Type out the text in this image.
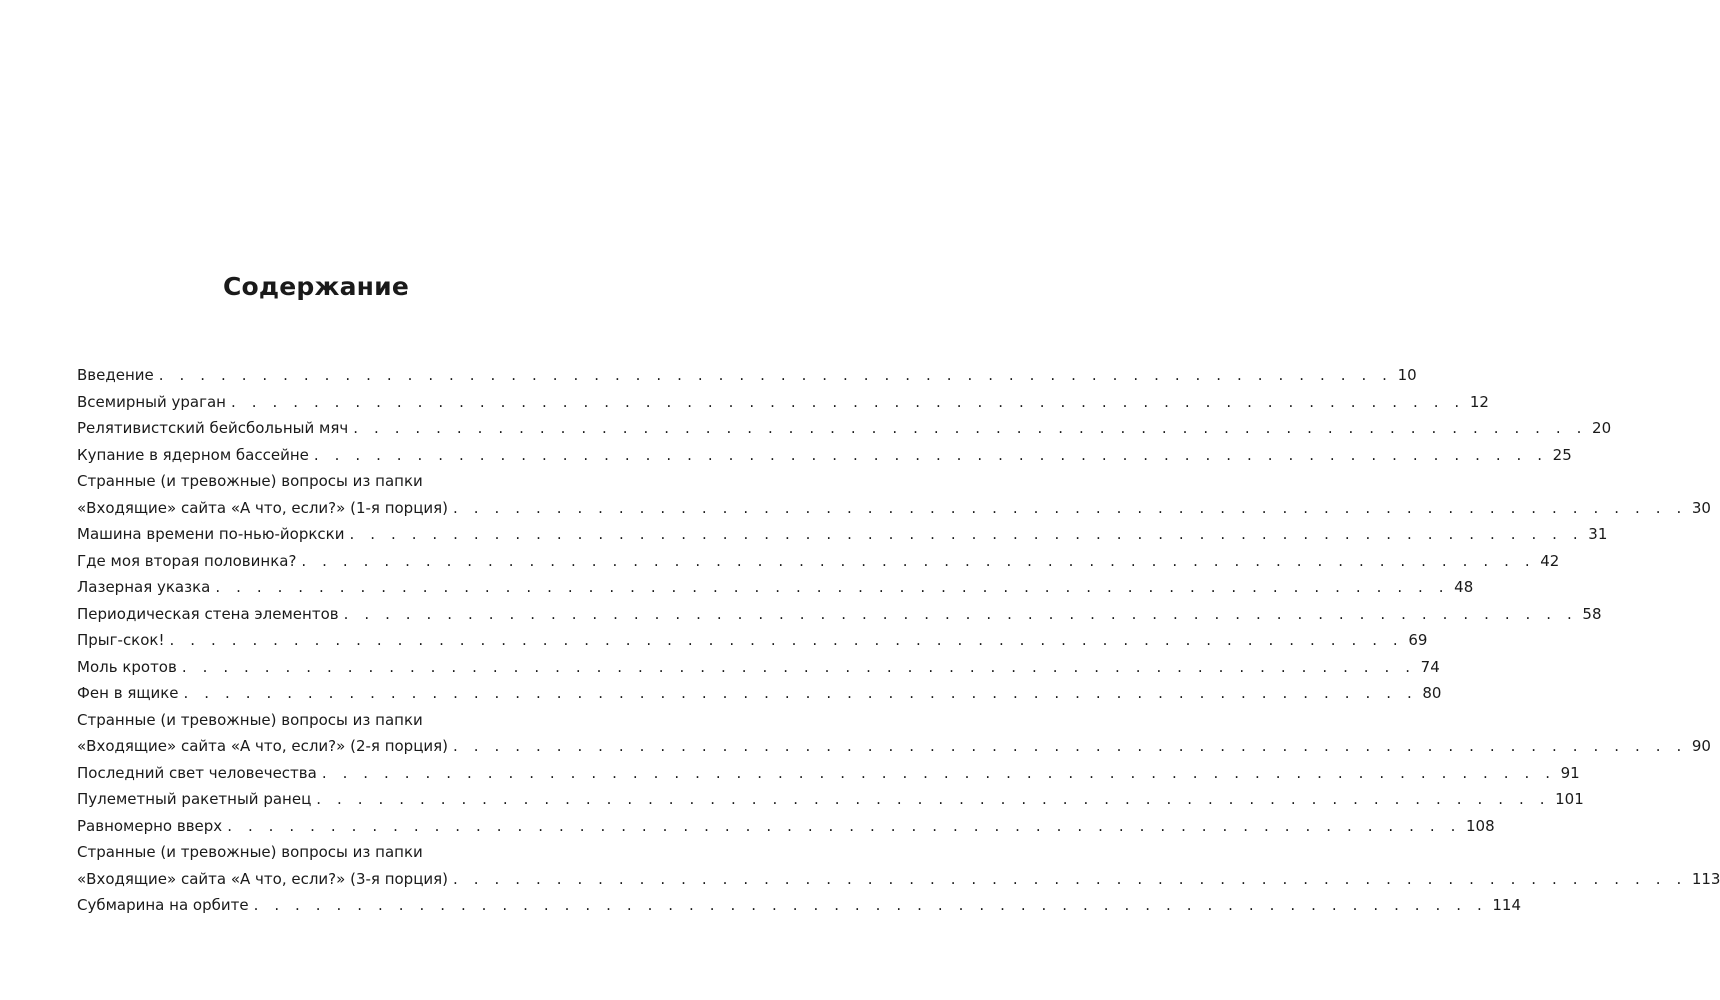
Содержание
Введение . . .	10
Всемирный ураган . . .	12
Релятивистский бейсбольный мяч . . .	20
Купание в ядерном бассейне . . .	25
Странные (и тревожные) вопросы из папки
«Входящие» сайта «А что, если?» (1-я порция) . . .	30
Машина времени по-нью-йоркски . . .	31
Где моя вторая половинка? . . .	42
Лазерная указка . . .	48
Периодическая стена элементов . . .	58
Прыг-скок! . . .	69
Моль кротов . . .	74
Фен в ящике . . .	80
Странные (и тревожные) вопросы из папки
«Входящие» сайта «А что, если?» (2-я порция) . . .	90
Последний свет человечества . . .	91
Пулеметный ракетный ранец . . .	101
Равномерно вверх . . .	108
Странные (и тревожные) вопросы из папки
«Входящие» сайта «А что, если?» (3-я порция) . . .	113
Субмарина на орбите . . .	114
